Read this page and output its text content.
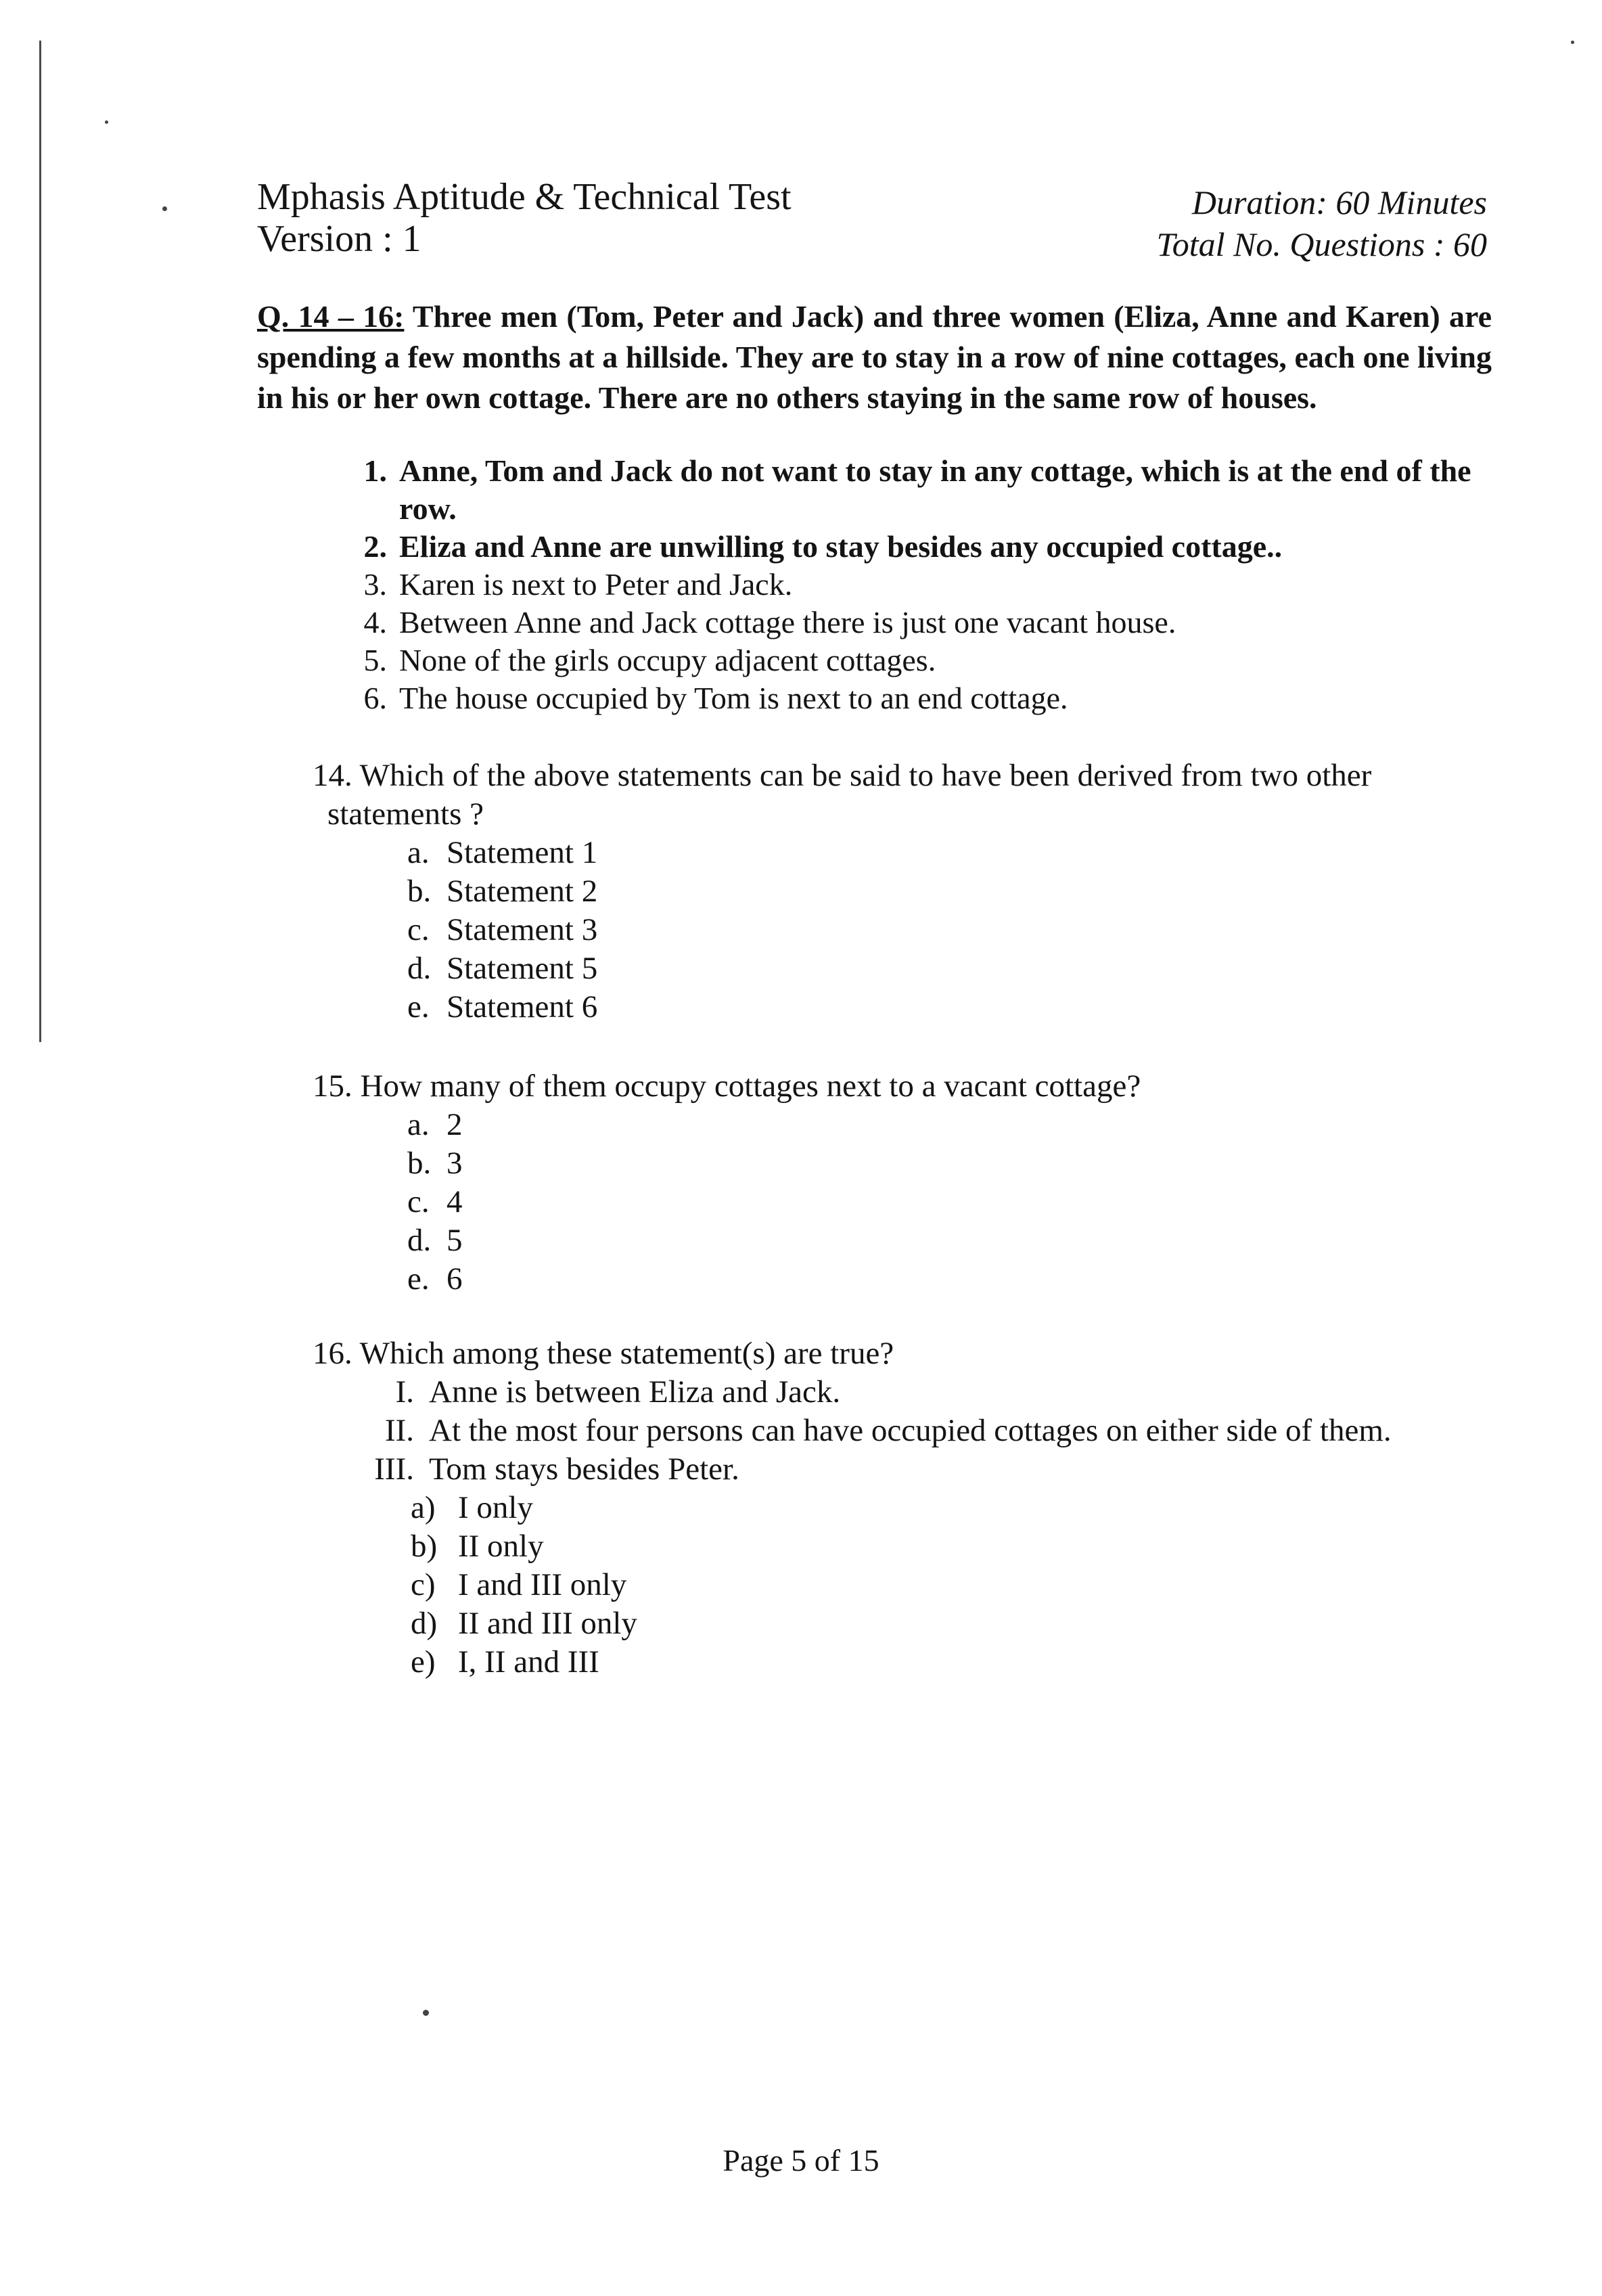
Mphasis Aptitude & Technical Test
Version : 1
Duration: 60 Minutes
Total No. Questions : 60
Q. 14 – 16: Three men (Tom, Peter and Jack) and three women (Eliza, Anne and Karen) are spending a few months at a hillside. They are to stay in a row of nine cottages, each one living in his or her own cottage. There are no others staying in the same row of houses.
1. Anne, Tom and Jack do not want to stay in any cottage, which is at the end of the row.
2. Eliza and Anne are unwilling to stay besides any occupied cottage..
3. Karen is next to Peter and Jack.
4. Between Anne and Jack cottage there is just one vacant house.
5. None of the girls occupy adjacent cottages.
6. The house occupied by Tom is next to an end cottage.
14. Which of the above statements can be said to have been derived from two other
statements ?
a. Statement 1
b. Statement 2
c. Statement 3
d. Statement 5
e. Statement 6
15. How many of them occupy cottages next to a vacant cottage?
a. 2
b. 3
c. 4
d. 5
e. 6
16. Which among these statement(s) are true?
I. Anne is between Eliza and Jack.
II. At the most four persons can have occupied cottages on either side of them.
III. Tom stays besides Peter.
a) I only
b) II only
c) I and III only
d) II and III only
e) I, II and III
Page 5 of 15
